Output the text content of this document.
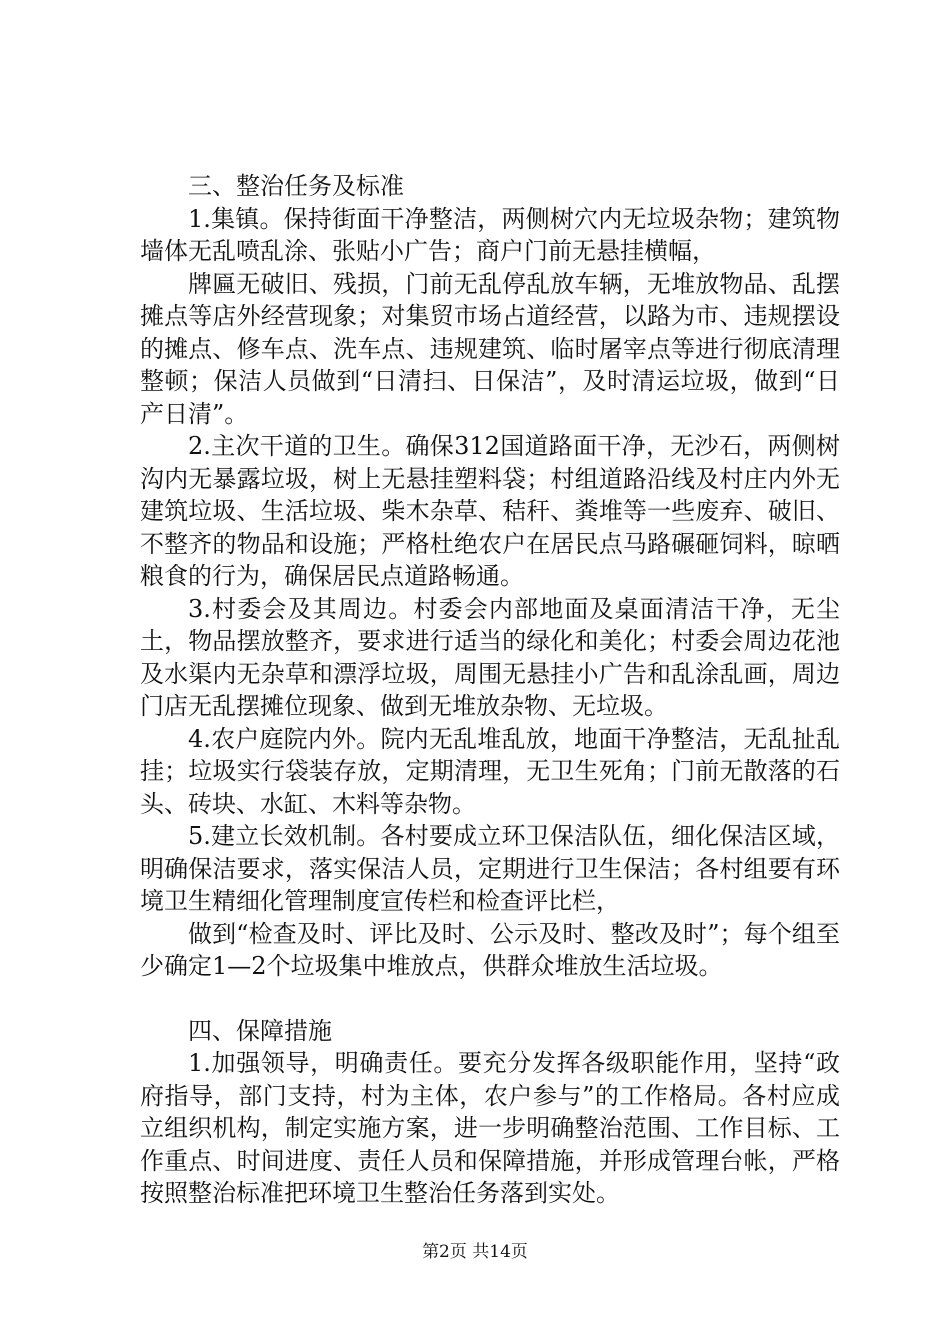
三、整治任务及标准

1.集镇。保持街面干净整洁，两侧树穴内无垃圾杂物；建筑物墙体无乱喷乱涂、张贴小广告；商户门前无悬挂横幅，

牌匾无破旧、残损，门前无乱停乱放车辆，无堆放物品、乱摆摊点等店外经营现象；对集贸市场占道经营，以路为市、违规摆设的摊点、修车点、洗车点、违规建筑、临时屠宰点等进行彻底清理整顿；保洁人员做到“日清扫、日保洁”，及时清运垃圾，做到“日产日清”。

2.主次干道的卫生。确保312国道路面干净，无沙石，两侧树沟内无暴露垃圾，树上无悬挂塑料袋；村组道路沿线及村庄内外无建筑垃圾、生活垃圾、柴木杂草、秸秆、粪堆等一些废弃、破旧、不整齐的物品和设施；严格杜绝农户在居民点马路碾砸饲料，晾晒粮食的行为，确保居民点道路畅通。

3.村委会及其周边。村委会内部地面及桌面清洁干净，无尘土，物品摆放整齐，要求进行适当的绿化和美化；村委会周边花池及水渠内无杂草和漂浮垃圾，周围无悬挂小广告和乱涂乱画，周边门店无乱摆摊位现象、做到无堆放杂物、无垃圾。

4.农户庭院内外。院内无乱堆乱放，地面干净整洁，无乱扯乱挂；垃圾实行袋装存放，定期清理，无卫生死角；门前无散落的石头、砖块、水缸、木料等杂物。

5.建立长效机制。各村要成立环卫保洁队伍，细化保洁区域，明确保洁要求，落实保洁人员，定期进行卫生保洁；各村组要有环境卫生精细化管理制度宣传栏和检查评比栏，

做到“检查及时、评比及时、公示及时、整改及时”；每个组至少确定1—2个垃圾集中堆放点，供群众堆放生活垃圾。

四、保障措施

1.加强领导，明确责任。要充分发挥各级职能作用，坚持“政府指导，部门支持，村为主体，农户参与”的工作格局。各村应成立组织机构，制定实施方案，进一步明确整治范围、工作目标、工作重点、时间进度、责任人员和保障措施，并形成管理台帐，严格按照整治标准把环境卫生整治任务落到实处。

第2页 共14页
